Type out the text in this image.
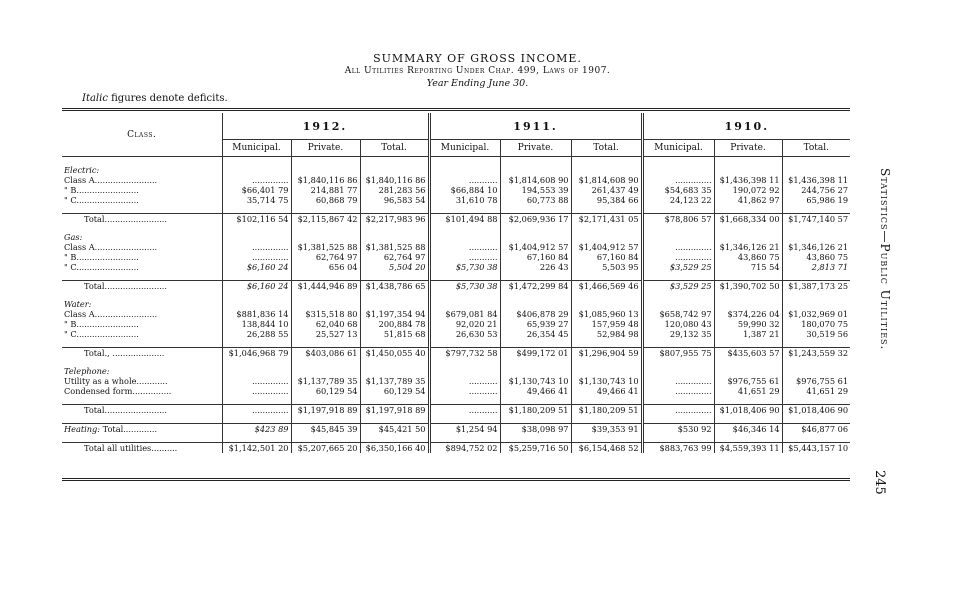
SUMMARY OF GROSS INCOME.
All Utilities Reporting Under Chap. 499, Laws of 1907.
Year Ending June 30.
Italic figures denote deficits.
Class.	1912.			1911.			1910.		
	Municipal.	Private.	Total.	Municipal.	Private.	Total.	Municipal.	Private.	Total.

Electric:									
Class A........................	..............	$1,840,116 86	$1,840,116 86	...........	$1,814,608 90	$1,814,608 90	..............	$1,436,398 11	$1,436,398 11
" B........................	$66,401 79	214,881 77	281,283 56	$66,884 10	194,553 39	261,437 49	$54,683 35	190,072 92	244,756 27
" C........................	35,714 75	60,868 79	96,583 54	31,610 78	60,773 88	95,384 66	24,123 22	41,862 97	65,986 19

Total........................	$102,116 54	$2,115,867 42	$2,217,983 96	$101,494 88	$2,069,936 17	$2,171,431 05	$78,806 57	$1,668,334 00	$1,747,140 57

Gas:									
Class A........................	..............	$1,381,525 88	$1,381,525 88	...........	$1,404,912 57	$1,404,912 57	..............	$1,346,126 21	$1,346,126 21
" B........................	..............	62,764 97	62,764 97	...........	67,160 84	67,160 84	..............	43,860 75	43,860 75
" C........................	$6,160 24	656 04	5,504 20	$5,730 38	226 43	5,503 95	$3,529 25	715 54	2,813 71

Total........................	$6,160 24	$1,444,946 89	$1,438,786 65	$5,730 38	$1,472,299 84	$1,466,569 46	$3,529 25	$1,390,702 50	$1,387,173 25

Water:									
Class A........................	$881,836 14	$315,518 80	$1,197,354 94	$679,081 84	$406,878 29	$1,085,960 13	$658,742 97	$374,226 04	$1,032,969 01
" B........................	138,844 10	62,040 68	200,884 78	92,020 21	65,939 27	157,959 48	120,080 43	59,990 32	180,070 75
" C........................	26,288 55	25,527 13	51,815 68	26,630 53	26,354 45	52,984 98	29,132 35	1,387 21	30,519 56

Total., ....................	$1,046,968 79	$403,086 61	$1,450,055 40	$797,732 58	$499,172 01	$1,296,904 59	$807,955 75	$435,603 57	$1,243,559 32

Telephone:									
Utility as a whole............	..............	$1,137,789 35	$1,137,789 35	...........	$1,130,743 10	$1,130,743 10	..............	$976,755 61	$976,755 61
Condensed form...............	..............	60,129 54	60,129 54	...........	49,466 41	49,466 41	..............	41,651 29	41,651 29

Total........................	..............	$1,197,918 89	$1,197,918 89	...........	$1,180,209 51	$1,180,209 51	..............	$1,018,406 90	$1,018,406 90

Heating: Total.............	$423 89	$45,845 39	$45,421 50	$1,254 94	$38,098 97	$39,353 91	$530 92	$46,346 14	$46,877 06

Total all utilities..........	$1,142,501 20	$5,207,665 20	$6,350,166 40	$894,752 02	$5,259,716 50	$6,154,468 52	$883,763 99	$4,559,393 11	$5,443,157 10
Statistics—Public Utilities.
245
